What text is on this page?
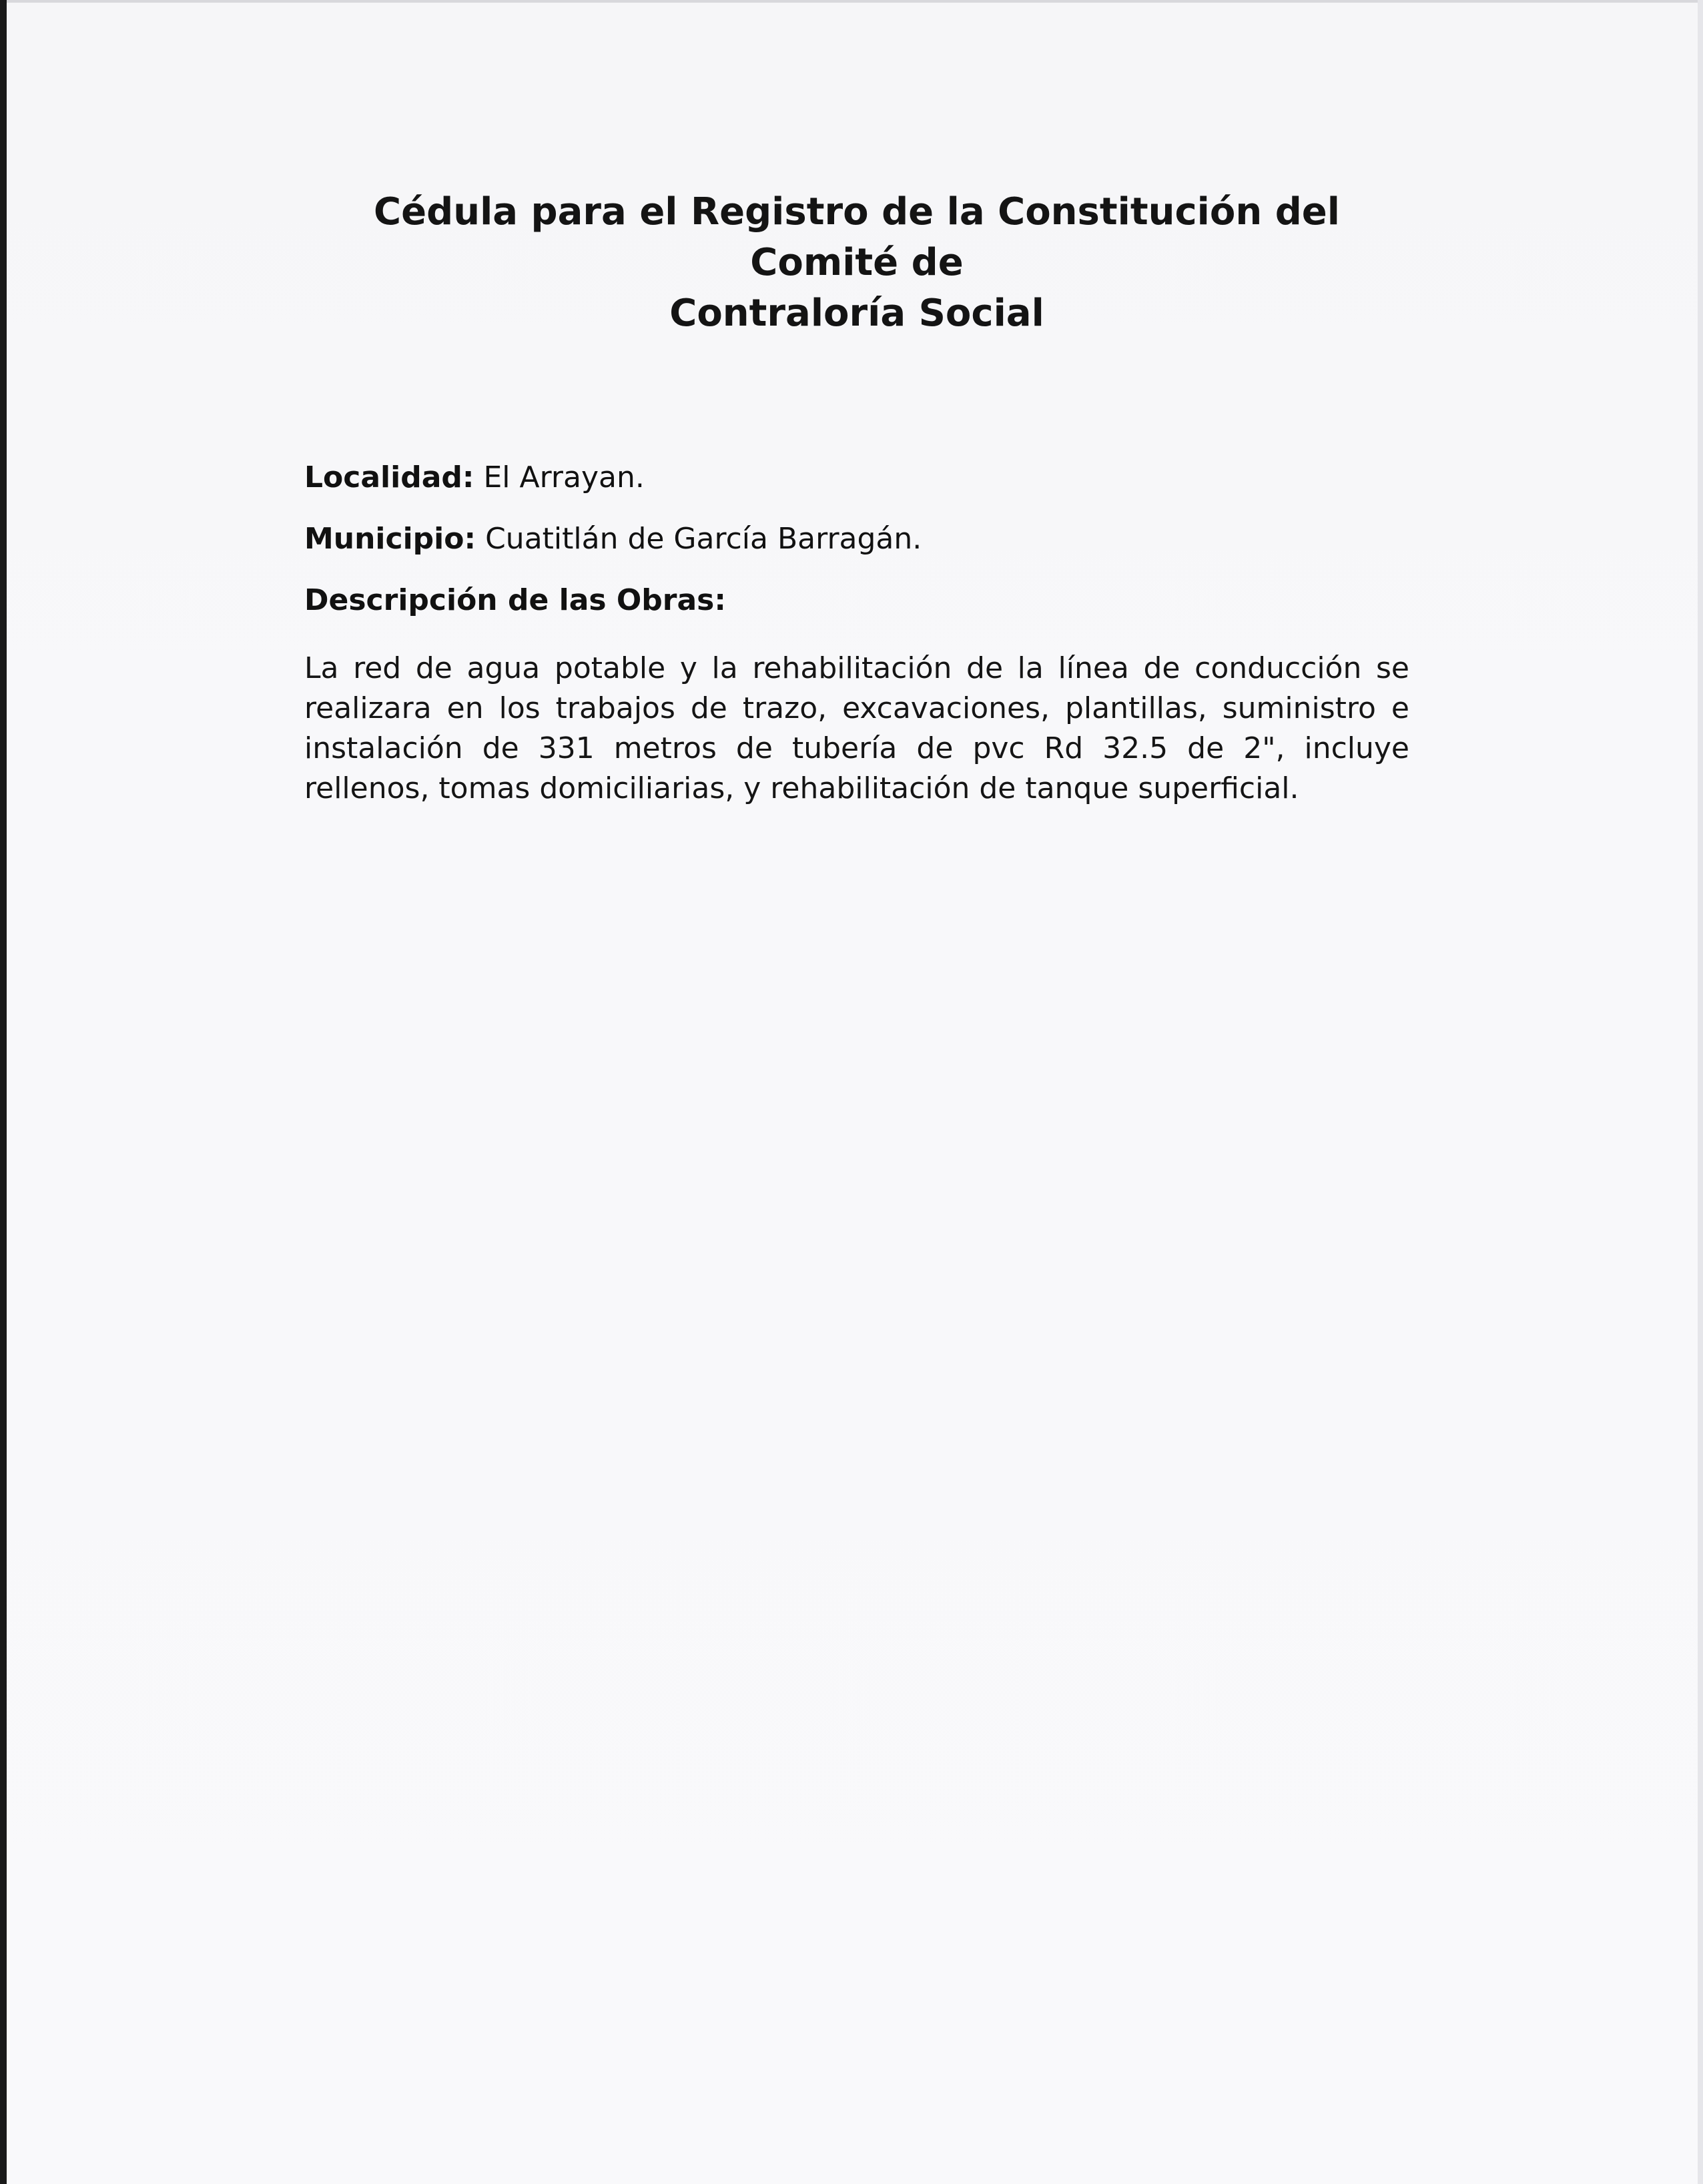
Cédula para el Registro de la Constitución del Comité de
Contraloría Social

Localidad: El Arrayan.

Municipio: Cuatitlán de García Barragán.

Descripción de las Obras:

La red de agua potable y la rehabilitación de la línea de conducción se realizara en los trabajos de trazo, excavaciones, plantillas, suministro e instalación de 331 metros de tubería de pvc Rd 32.5 de 2", incluye rellenos, tomas domiciliarias, y rehabilitación de tanque superficial.
